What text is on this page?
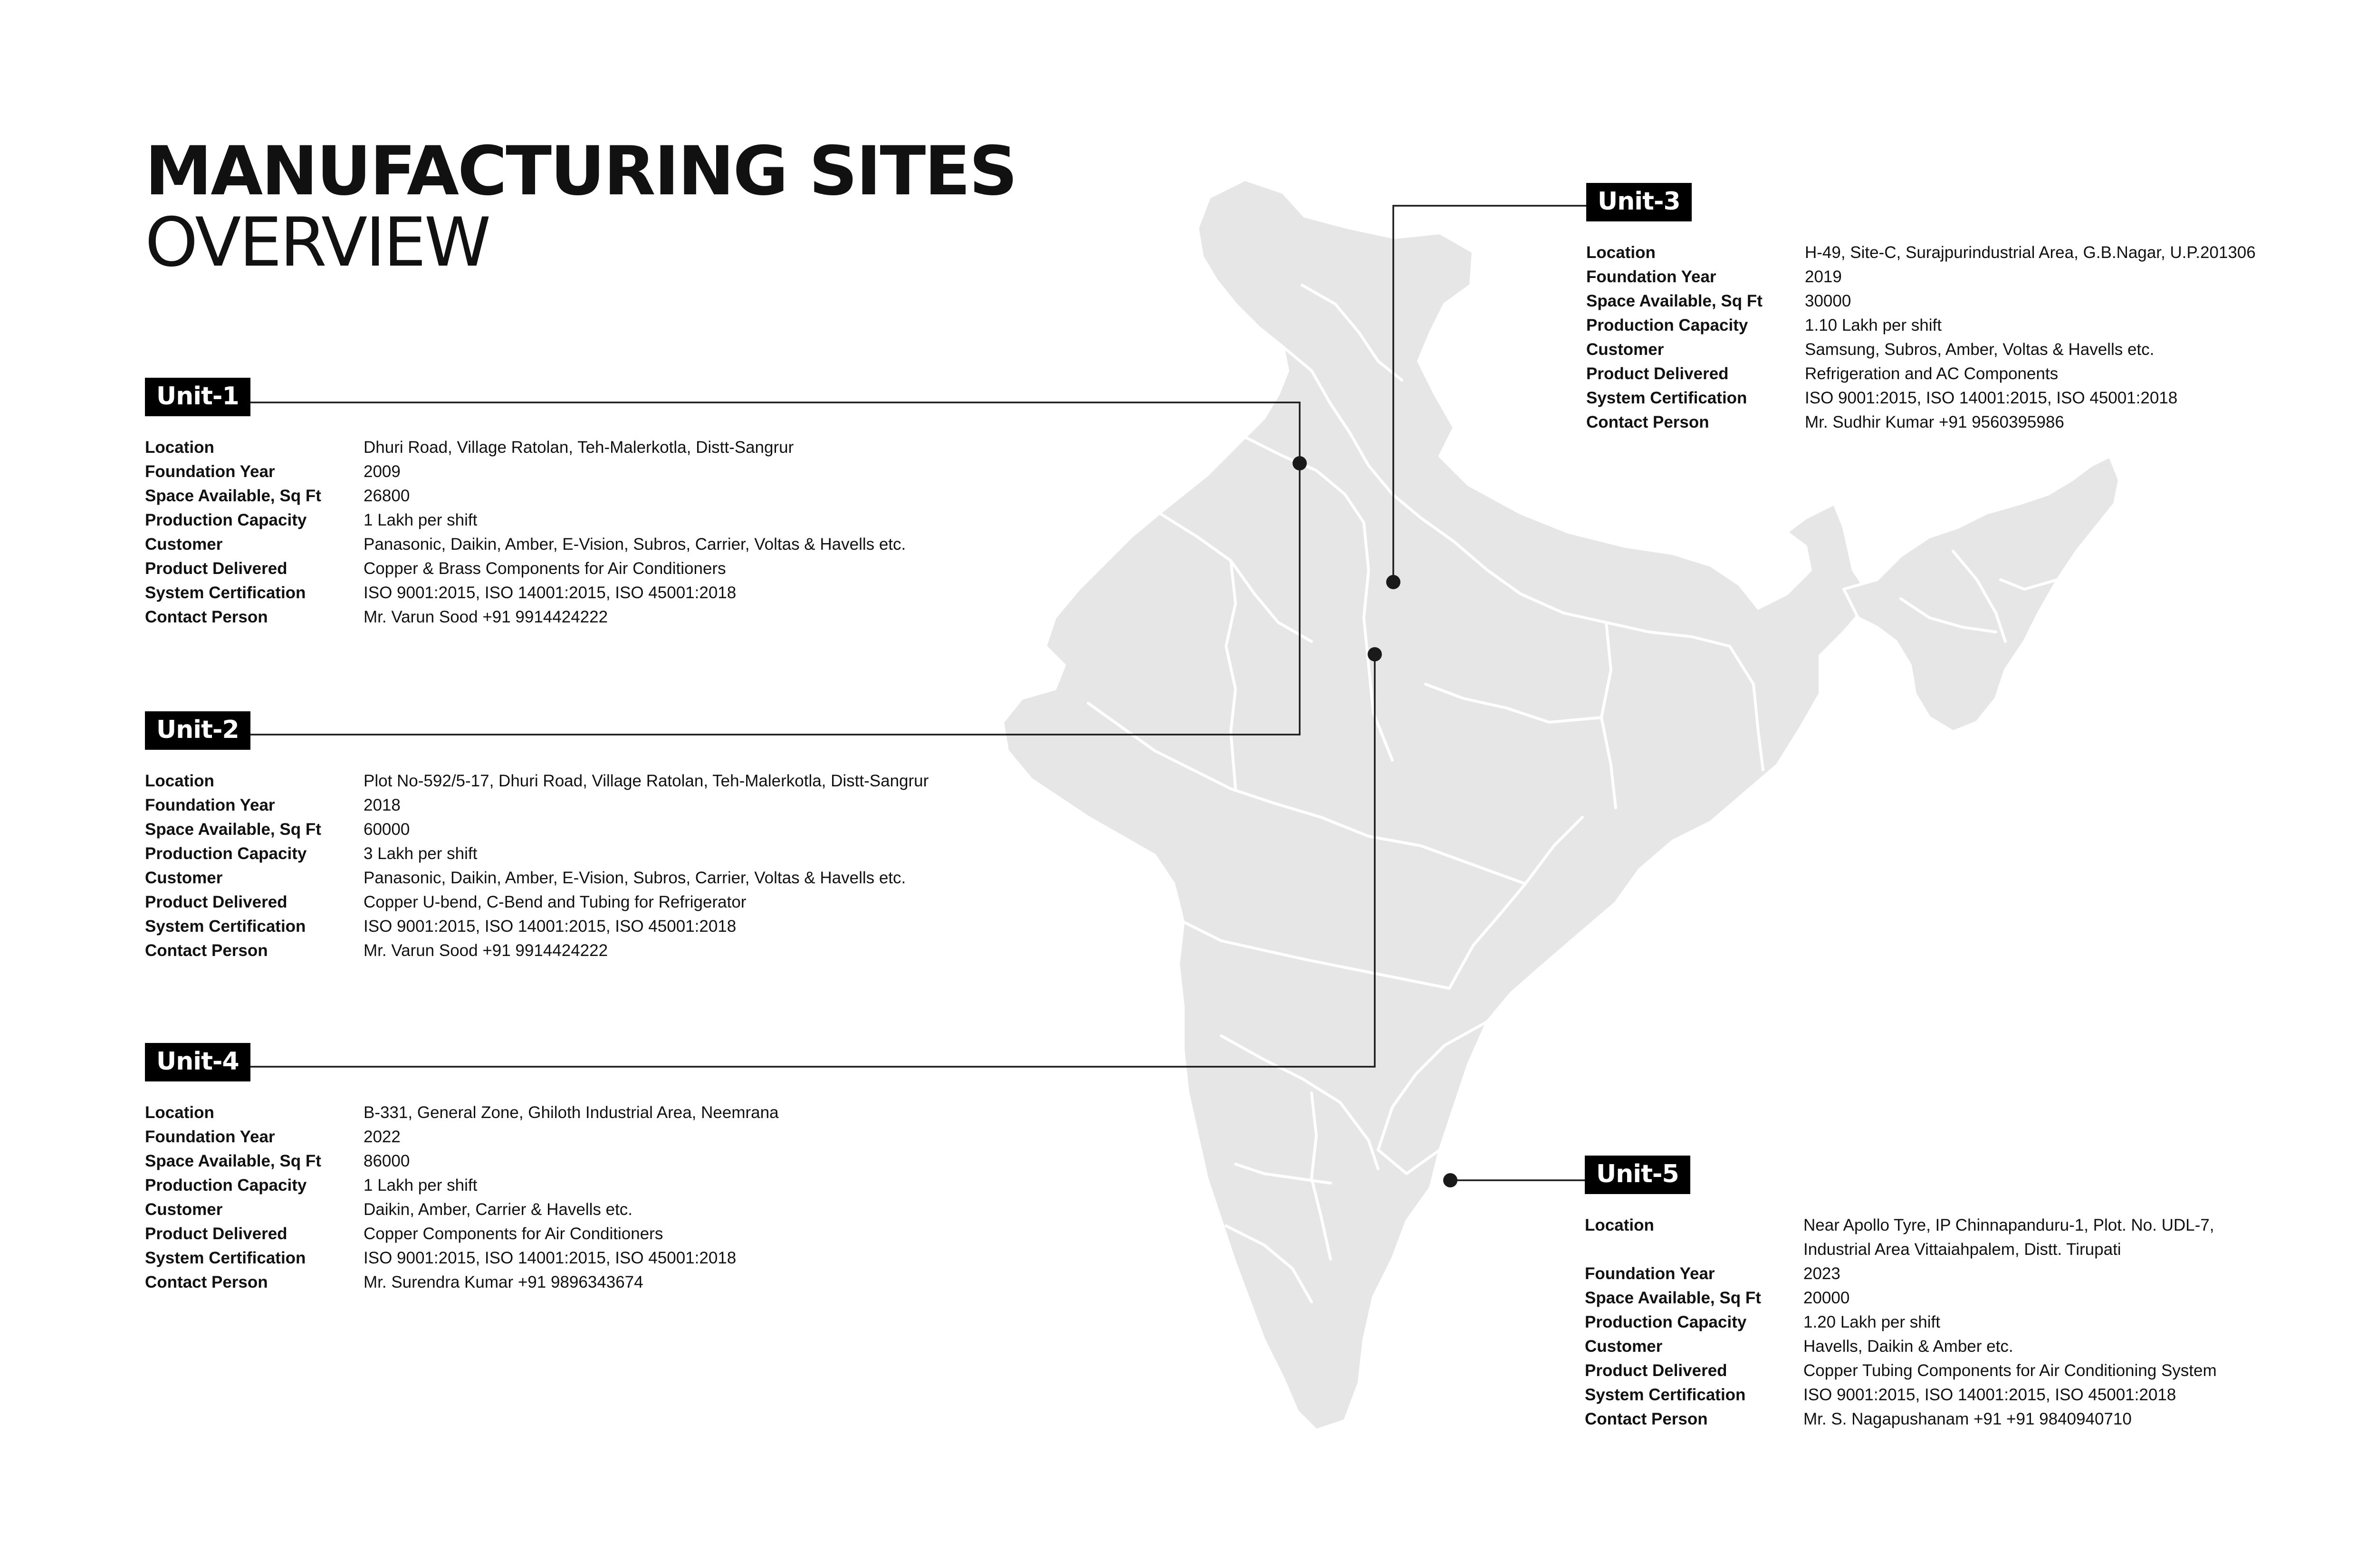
MANUFACTURING SITES
OVERVIEW
Unit-1
Location	Dhuri Road, Village Ratolan, Teh-Malerkotla, Distt-Sangrur
Foundation Year	2009
Space Available, Sq Ft	26800
Production Capacity	1 Lakh per shift
Customer	Panasonic, Daikin, Amber, E-Vision, Subros, Carrier, Voltas & Havells etc.
Product Delivered	Copper & Brass Components for Air Conditioners
System Certification	ISO 9001:2015, ISO 14001:2015, ISO 45001:2018
Contact Person	Mr. Varun Sood +91 9914424222
Unit-2
Location	Plot No-592/5-17, Dhuri Road, Village Ratolan, Teh-Malerkotla, Distt-Sangrur
Foundation Year	2018
Space Available, Sq Ft	60000
Production Capacity	3 Lakh per shift
Customer	Panasonic, Daikin, Amber, E-Vision, Subros, Carrier, Voltas & Havells etc.
Product Delivered	Copper U-bend, C-Bend and Tubing for Refrigerator
System Certification	ISO 9001:2015, ISO 14001:2015, ISO 45001:2018
Contact Person	Mr. Varun Sood +91 9914424222
Unit-4
Location	B-331, General Zone, Ghiloth Industrial Area, Neemrana
Foundation Year	2022
Space Available, Sq Ft	86000
Production Capacity	1 Lakh per shift
Customer	Daikin, Amber, Carrier & Havells etc.
Product Delivered	Copper Components for Air Conditioners
System Certification	ISO 9001:2015, ISO 14001:2015, ISO 45001:2018
Contact Person	Mr. Surendra Kumar +91 9896343674
Unit-3
Location	H-49, Site-C, Surajpurindustrial Area, G.B.Nagar, U.P.201306
Foundation Year	2019
Space Available, Sq Ft	30000
Production Capacity	1.10 Lakh per shift
Customer	Samsung, Subros, Amber, Voltas & Havells etc.
Product Delivered	Refrigeration and AC Components
System Certification	ISO 9001:2015, ISO 14001:2015, ISO 45001:2018
Contact Person	Mr. Sudhir Kumar +91 9560395986
Unit-5
Location	Near Apollo Tyre, IP Chinnapanduru-1, Plot. No. UDL-7,
Industrial Area Vittaiahpalem, Distt. Tirupati
Foundation Year	2023
Space Available, Sq Ft	20000
Production Capacity	1.20 Lakh per shift
Customer	Havells, Daikin & Amber etc.
Product Delivered	Copper Tubing Components for Air Conditioning System
System Certification	ISO 9001:2015, ISO 14001:2015, ISO 45001:2018
Contact Person	Mr. S. Nagapushanam +91 +91 9840940710
